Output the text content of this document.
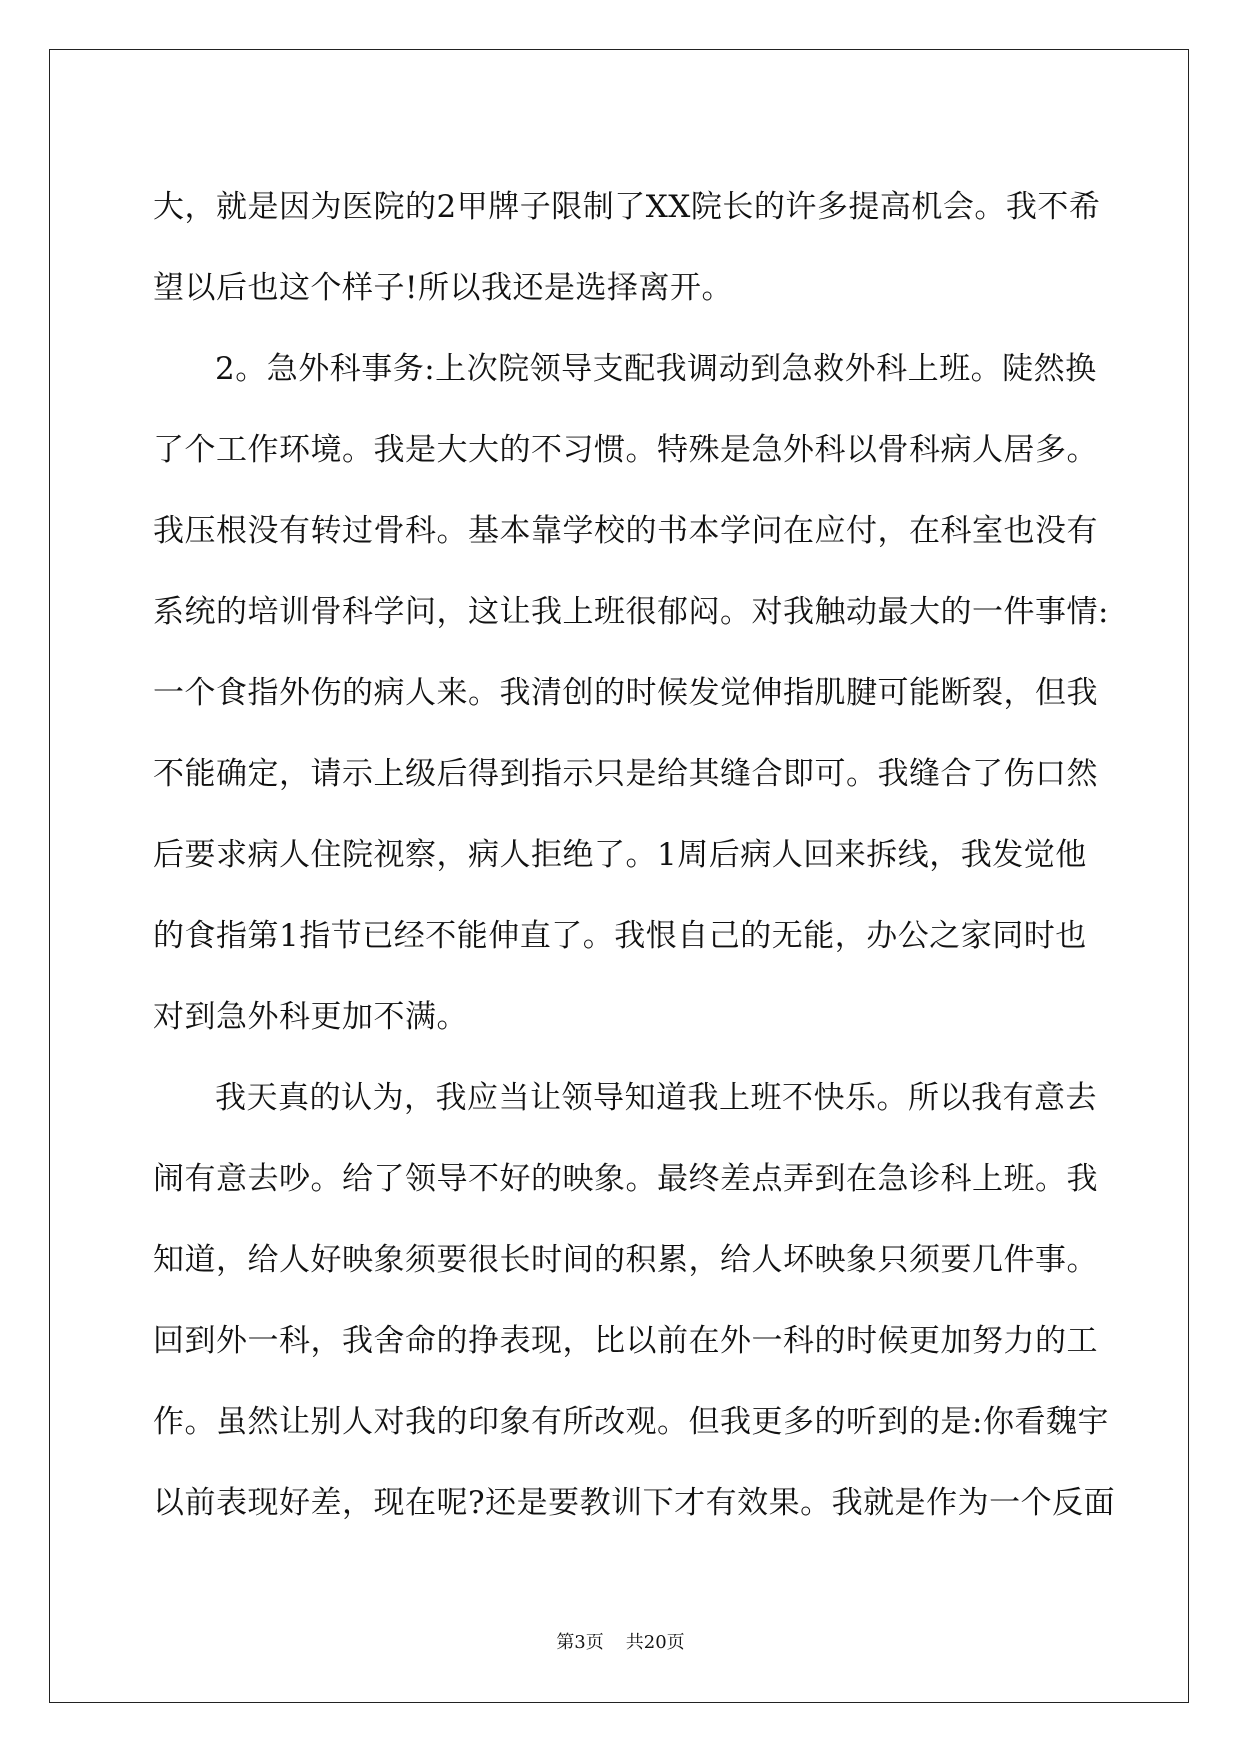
大，就是因为医院的2甲牌子限制了XX院长的许多提高机会。我不希
望以后也这个样子!所以我还是选择离开。
2。急外科事务:上次院领导支配我调动到急救外科上班。陡然换
了个工作环境。我是大大的不习惯。特殊是急外科以骨科病人居多。
我压根没有转过骨科。基本靠学校的书本学问在应付，在科室也没有
系统的培训骨科学问，这让我上班很郁闷。对我触动最大的一件事情:
一个食指外伤的病人来。我清创的时候发觉伸指肌腱可能断裂，但我
不能确定，请示上级后得到指示只是给其缝合即可。我缝合了伤口然
后要求病人住院视察，病人拒绝了。1周后病人回来拆线，我发觉他
的食指第1指节已经不能伸直了。我恨自己的无能，办公之家同时也
对到急外科更加不满。
我天真的认为，我应当让领导知道我上班不快乐。所以我有意去
闹有意去吵。给了领导不好的映象。最终差点弄到在急诊科上班。我
知道，给人好映象须要很长时间的积累，给人坏映象只须要几件事。
回到外一科，我舍命的挣表现，比以前在外一科的时候更加努力的工
作。虽然让别人对我的印象有所改观。但我更多的听到的是:你看魏宇
以前表现好差，现在呢?还是要教训下才有效果。我就是作为一个反面
第3页 共20页
